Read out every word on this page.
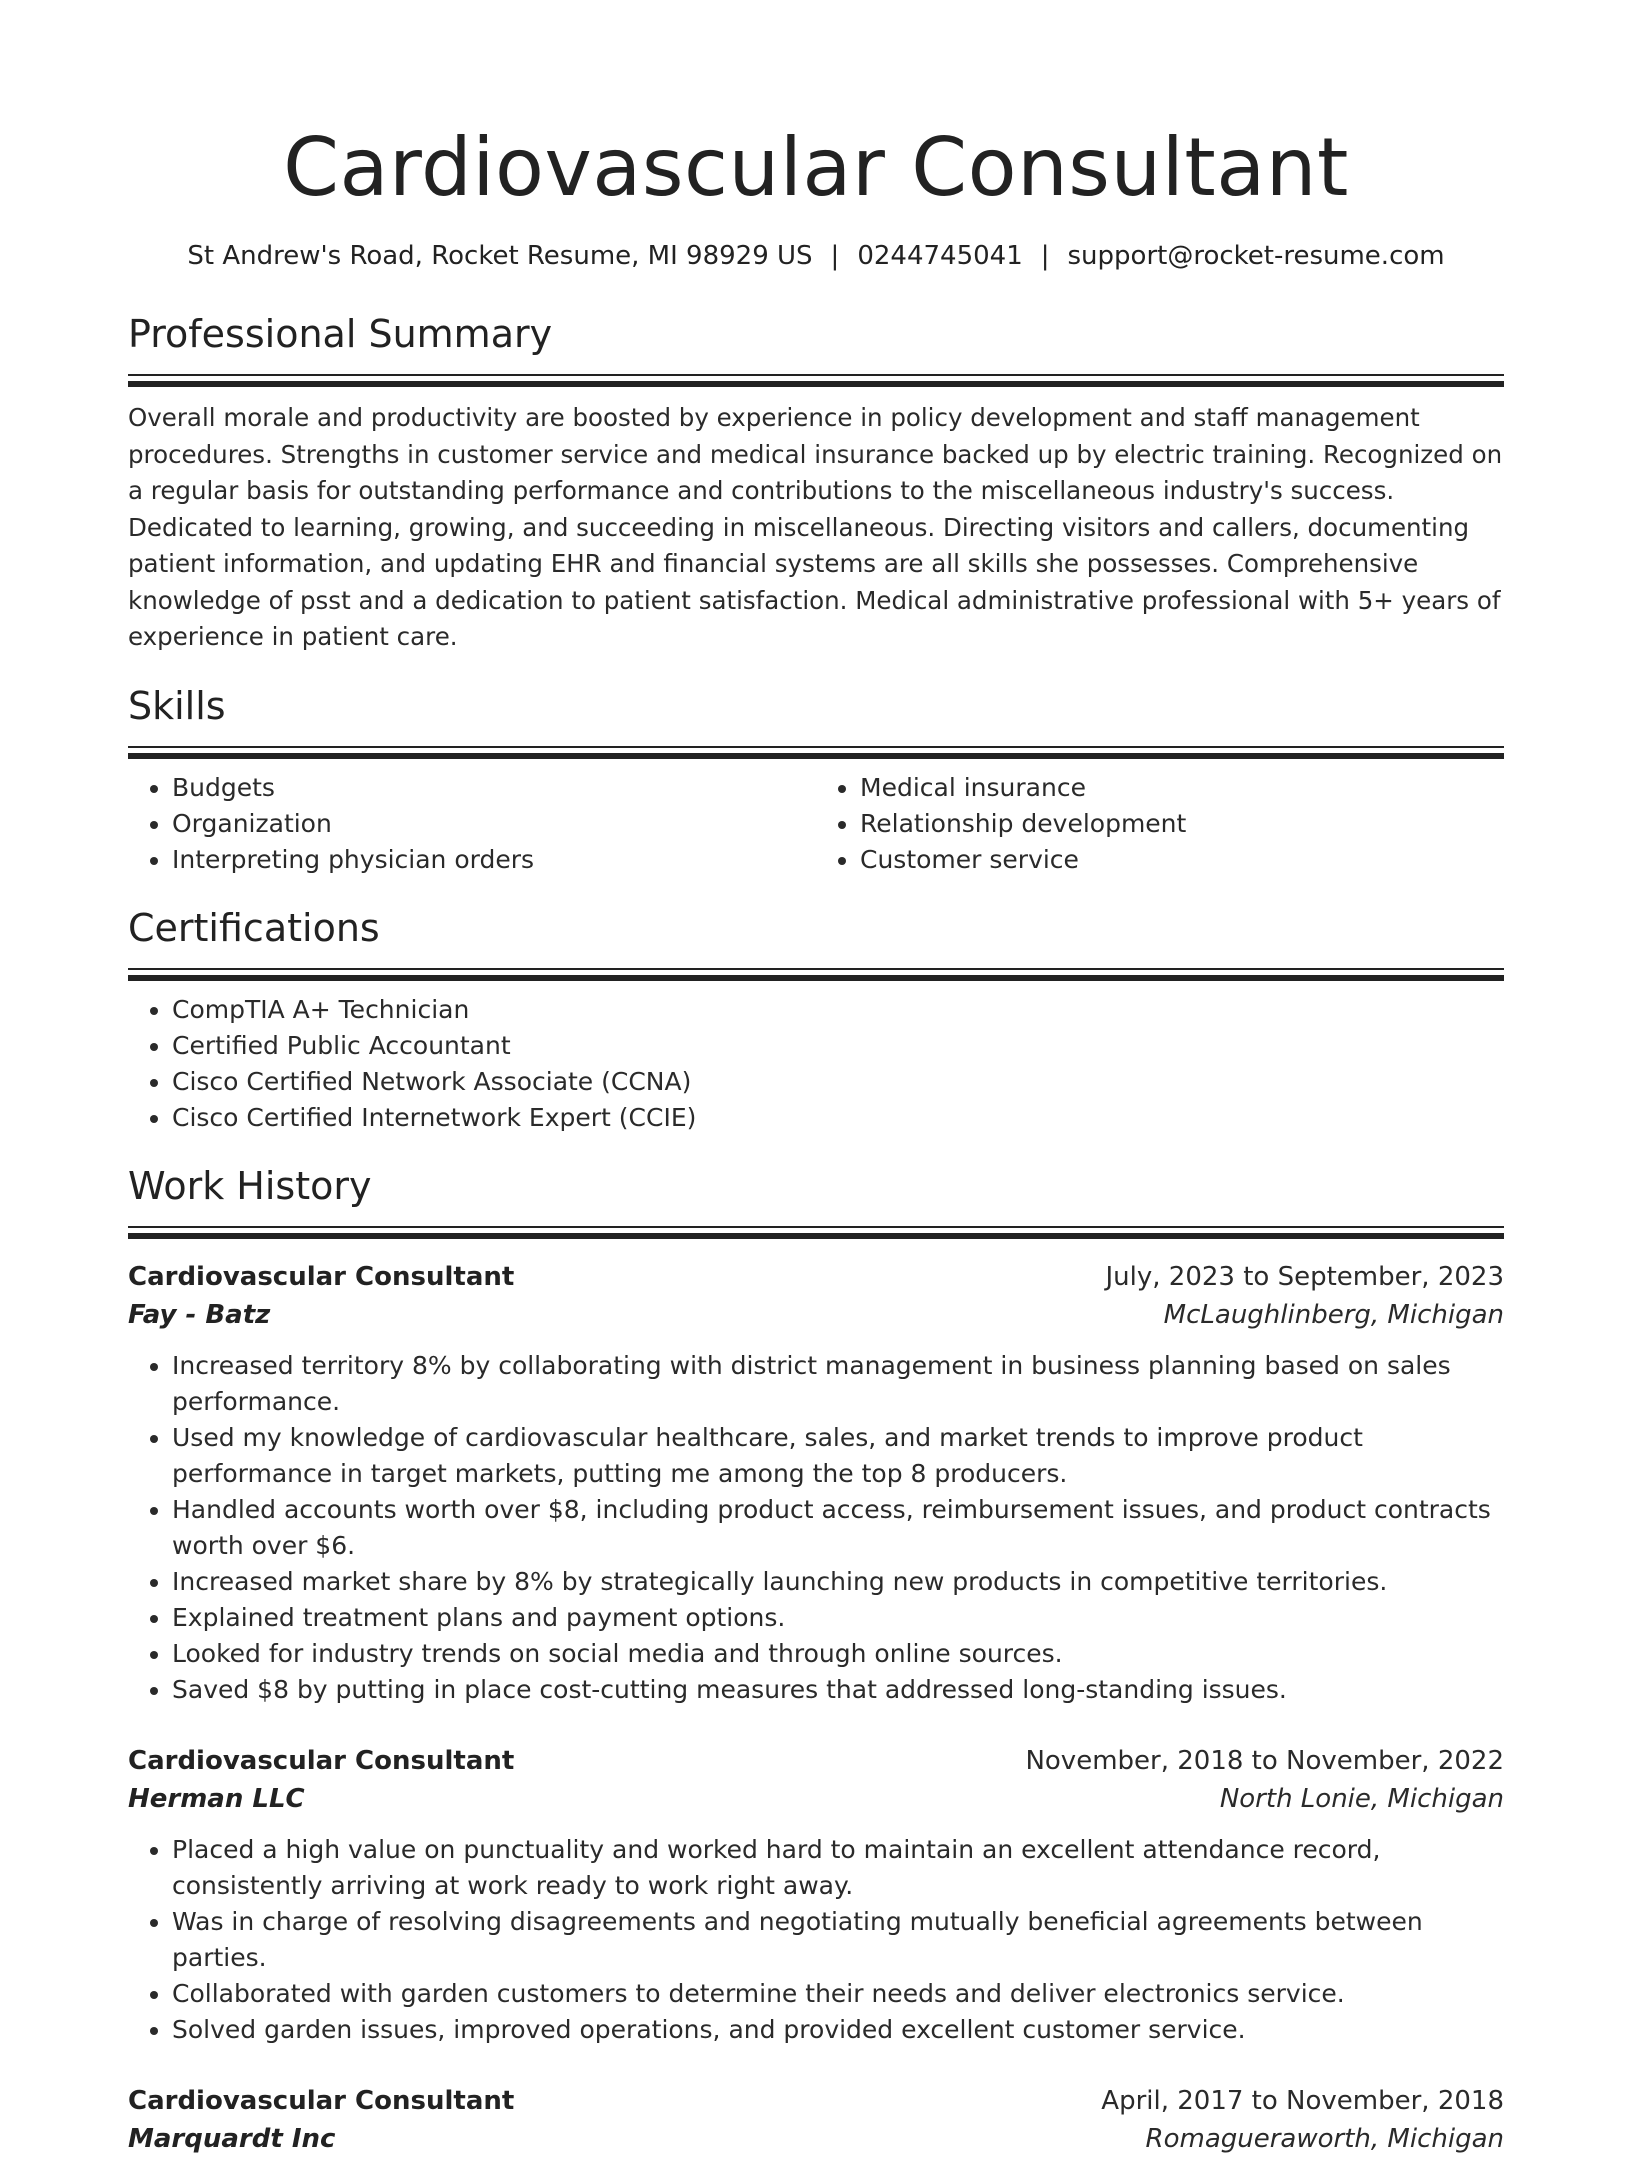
Cardiovascular Consultant
St Andrew's Road, Rocket Resume, MI 98929 US | 0244745041 | support@rocket-resume.com
Professional Summary
Overall morale and productivity are boosted by experience in policy development and staff management procedures. Strengths in customer service and medical insurance backed up by electric training. Recognized on a regular basis for outstanding performance and contributions to the miscellaneous industry's success. Dedicated to learning, growing, and succeeding in miscellaneous. Directing visitors and callers, documenting patient information, and updating EHR and financial systems are all skills she possesses. Comprehensive knowledge of psst and a dedication to patient satisfaction. Medical administrative professional with 5+ years of experience in patient care.
Skills
• Budgets
• Organization
• Interpreting physician orders
• Medical insurance
• Relationship development
• Customer service
Certifications
• CompTIA A+ Technician
• Certified Public Accountant
• Cisco Certified Network Associate (CCNA)
• Cisco Certified Internetwork Expert (CCIE)
Work History
Cardiovascular Consultant	July, 2023 to September, 2023
Fay - Batz	McLaughlinberg, Michigan
• Increased territory 8% by collaborating with district management in business planning based on sales performance.
• Used my knowledge of cardiovascular healthcare, sales, and market trends to improve product performance in target markets, putting me among the top 8 producers.
• Handled accounts worth over $8, including product access, reimbursement issues, and product contracts worth over $6.
• Increased market share by 8% by strategically launching new products in competitive territories.
• Explained treatment plans and payment options.
• Looked for industry trends on social media and through online sources.
• Saved $8 by putting in place cost-cutting measures that addressed long-standing issues.
Cardiovascular Consultant	November, 2018 to November, 2022
Herman LLC	North Lonie, Michigan
• Placed a high value on punctuality and worked hard to maintain an excellent attendance record, consistently arriving at work ready to work right away.
• Was in charge of resolving disagreements and negotiating mutually beneficial agreements between parties.
• Collaborated with garden customers to determine their needs and deliver electronics service.
• Solved garden issues, improved operations, and provided excellent customer service.
Cardiovascular Consultant	April, 2017 to November, 2018
Marquardt Inc	Romagueraworth, Michigan
